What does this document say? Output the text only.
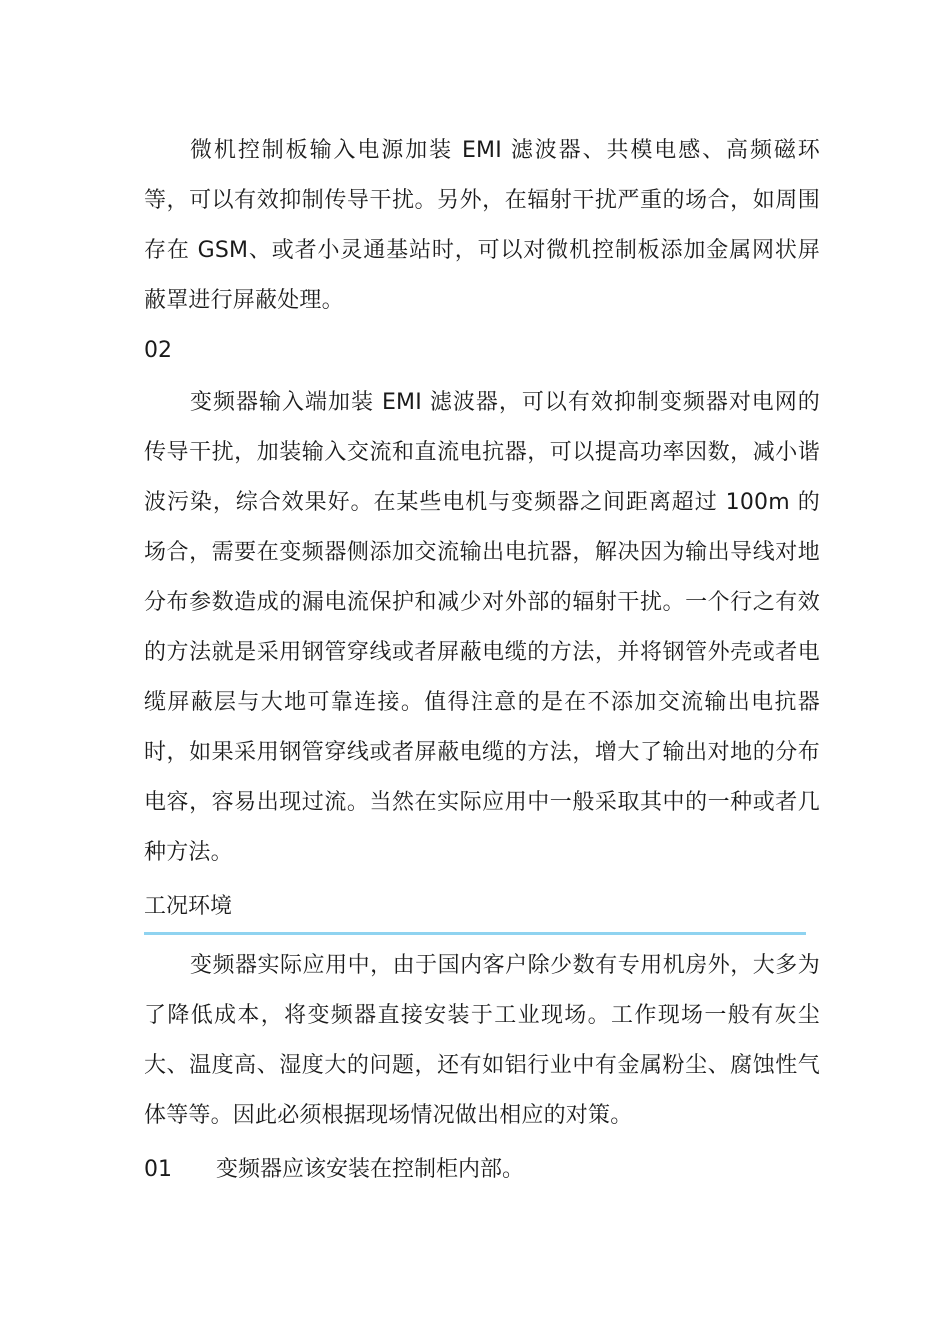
微机控制板输入电源加装 EMI 滤波器、共模电感、高频磁环等，可以有效抑制传导干扰。另外，在辐射干扰严重的场合，如周围存在 GSM、或者小灵通基站时，可以对微机控制板添加金属网状屏蔽罩进行屏蔽处理。

02

变频器输入端加装 EMI 滤波器，可以有效抑制变频器对电网的传导干扰，加装输入交流和直流电抗器，可以提高功率因数，减小谐波污染，综合效果好。在某些电机与变频器之间距离超过 100m 的场合，需要在变频器侧添加交流输出电抗器，解决因为输出导线对地分布参数造成的漏电流保护和减少对外部的辐射干扰。一个行之有效的方法就是采用钢管穿线或者屏蔽电缆的方法，并将钢管外壳或者电缆屏蔽层与大地可靠连接。值得注意的是在不添加交流输出电抗器时，如果采用钢管穿线或者屏蔽电缆的方法，增大了输出对地的分布电容，容易出现过流。当然在实际应用中一般采取其中的一种或者几种方法。

工况环境

变频器实际应用中，由于国内客户除少数有专用机房外，大多为了降低成本，将变频器直接安装于工业现场。工作现场一般有灰尘大、温度高、湿度大的问题，还有如铝行业中有金属粉尘、腐蚀性气体等等。因此必须根据现场情况做出相应的对策。

01	变频器应该安装在控制柜内部。
